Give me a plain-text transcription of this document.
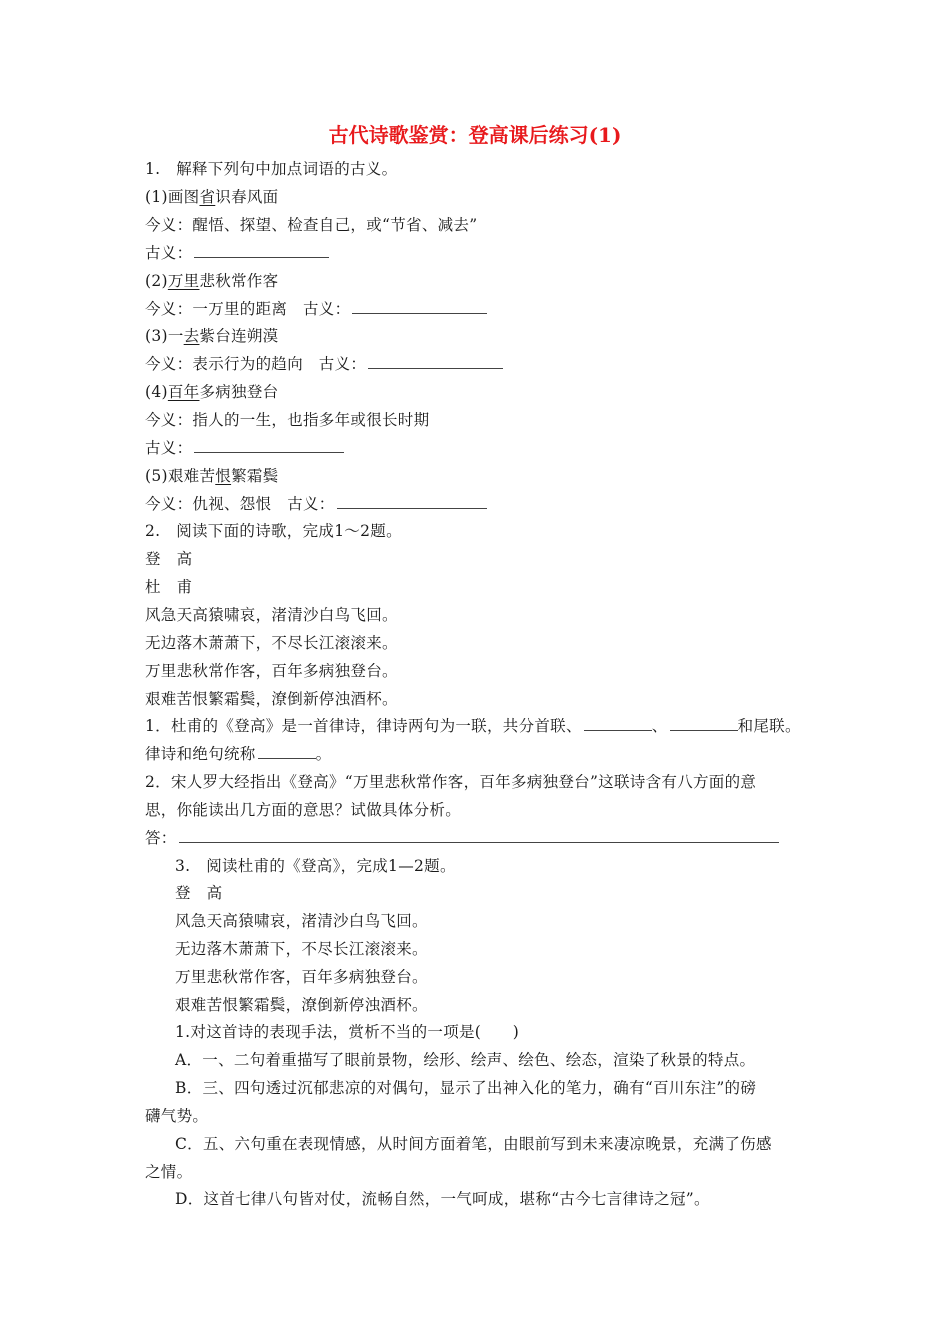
古代诗歌鉴赏：登高课后练习(1)
1.　解释下列句中加点词语的古义。
(1)画图省识春风面
今义：醒悟、探望、检查自己，或“节省、减去”
古义：
(2)万里悲秋常作客
今义：一万里的距离　古义：
(3)一去紫台连朔漠
今义：表示行为的趋向　古义：
(4)百年多病独登台
今义：指人的一生，也指多年或很长时期
古义：
(5)艰难苦恨繁霜鬓
今义：仇视、怨恨　古义：
2.　阅读下面的诗歌，完成1～2题。
登　高
杜　甫
风急天高猿啸哀，渚清沙白鸟飞回。
无边落木萧萧下，不尽长江滚滚来。
万里悲秋常作客，百年多病独登台。
艰难苦恨繁霜鬓，潦倒新停浊酒杯。
1．杜甫的《登高》是一首律诗，律诗两句为一联，共分首联、	、	和尾联。
律诗和绝句统称	。
2．宋人罗大经指出《登高》“万里悲秋常作客，百年多病独登台”这联诗含有八方面的意
思，你能读出几方面的意思？试做具体分析。
答：
3.　阅读杜甫的《登高》，完成1—2题。
登　高
风急天高猿啸哀，渚清沙白鸟飞回。
无边落木萧萧下，不尽长江滚滚来。
万里悲秋常作客，百年多病独登台。
艰难苦恨繁霜鬓，潦倒新停浊酒杯。
1.对这首诗的表现手法，赏析不当的一项是(　　)
A．一、二句着重描写了眼前景物，绘形、绘声、绘色、绘态，渲染了秋景的特点。
B．三、四句透过沉郁悲凉的对偶句，显示了出神入化的笔力，确有“百川东注”的磅
礴气势。
C．五、六句重在表现情感，从时间方面着笔，由眼前写到未来凄凉晚景，充满了伤感
之情。
D．这首七律八句皆对仗，流畅自然，一气呵成，堪称“古今七言律诗之冠”。
